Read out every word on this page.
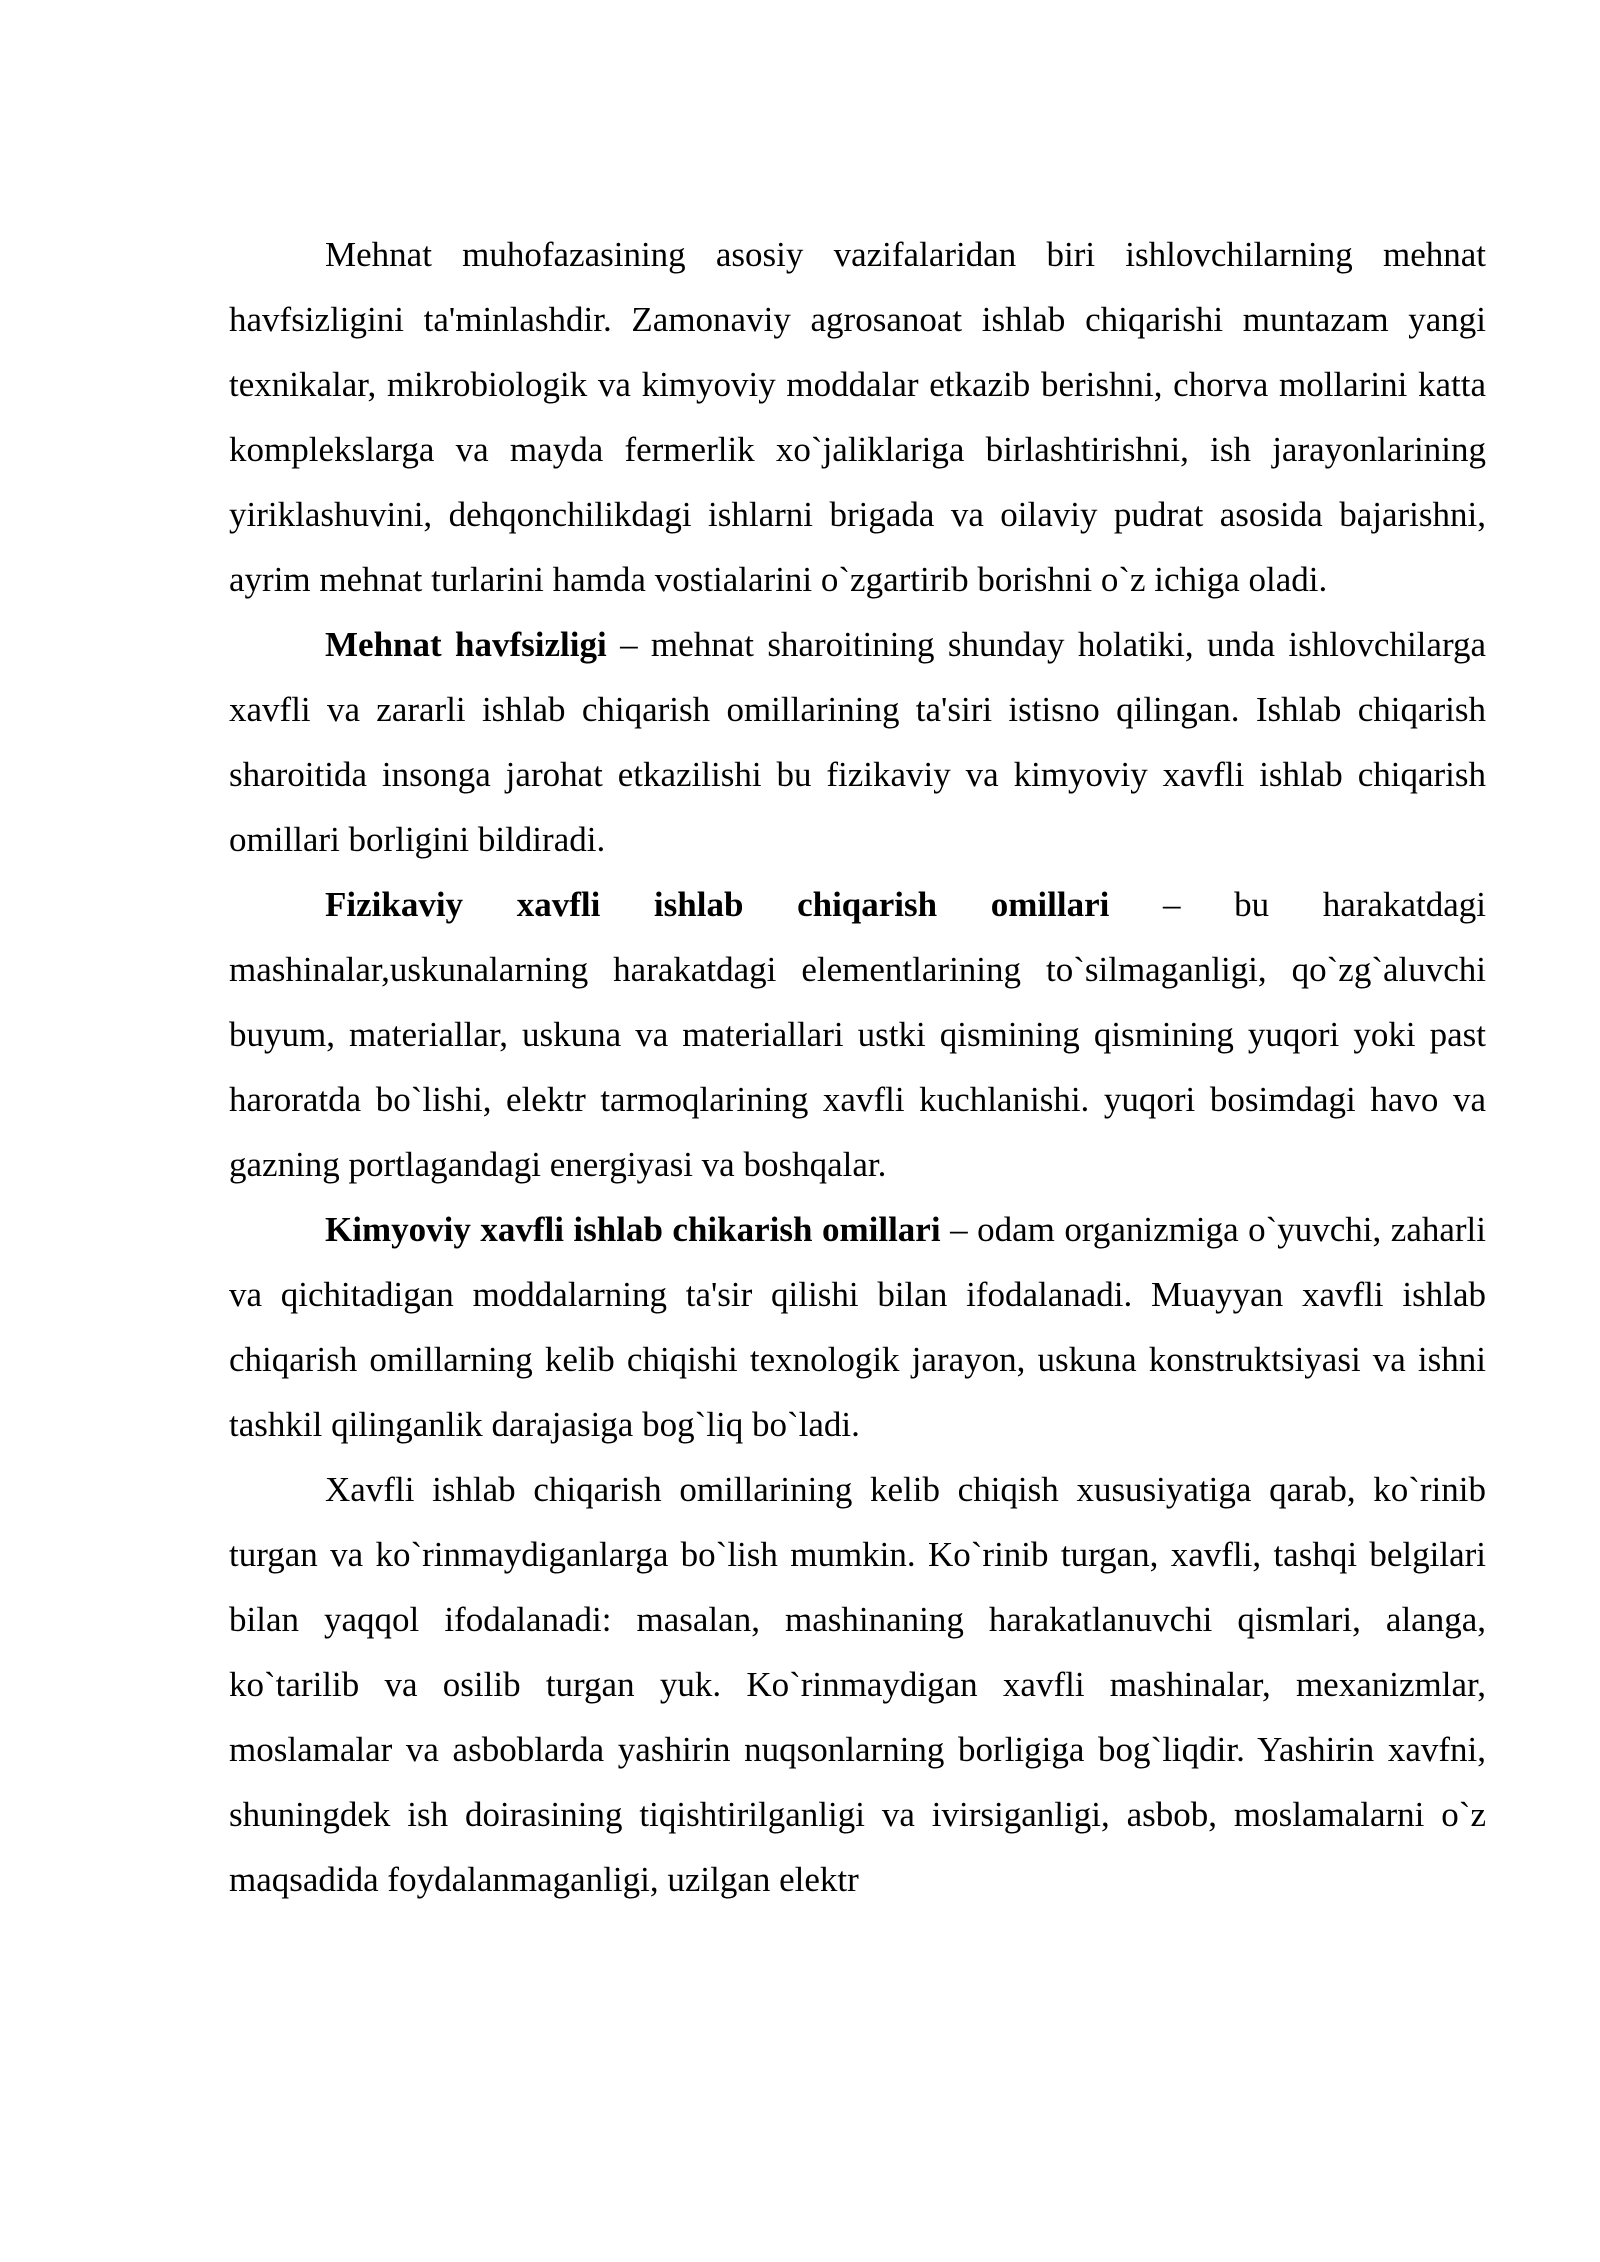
Mehnat muhofazasining asosiy vazifalaridan biri ishlovchilarning mehnat havfsizligini ta'minlashdir. Zamonaviy agrosanoat ishlab chiqarishi muntazam yangi texnikalar, mikrobiologik va kimyoviy moddalar etkazib berishni, chorva mollarini katta komplekslarga va mayda fermerlik xo`jaliklariga birlashtirishni, ish jarayonlarining yiriklashuvini, dehqonchilikdagi ishlarni brigada va oilaviy pudrat asosida bajarishni, ayrim mehnat turlarini hamda vostialarini o`zgartirib borishni o`z ichiga oladi.

Mehnat havfsizligi – mehnat sharoitining shunday holatiki, unda ishlovchilarga xavfli va zararli ishlab chiqarish omillarining ta'siri istisno qilingan. Ishlab chiqarish sharoitida insonga jarohat etkazilishi bu fizikaviy va kimyoviy xavfli ishlab chiqarish omillari borligini bildiradi.

Fizikaviy xavfli ishlab chiqarish omillari – bu harakatdagi mashinalar,uskunalarning harakatdagi elementlarining to`silmaganligi, qo`zg`aluvchi buyum, materiallar, uskuna va materiallari ustki qismining qismining yuqori yoki past haroratda bo`lishi, elektr tarmoqlarining xavfli kuchlanishi. yuqori bosimdagi havo va gazning portlagandagi energiyasi va boshqalar.

Kimyoviy xavfli ishlab chikarish omillari – odam organizmiga o`yuvchi, zaharli va qichitadigan moddalarning ta'sir qilishi bilan ifodalanadi. Muayyan xavfli ishlab chiqarish omillarning kelib chiqishi texnologik jarayon, uskuna konstruktsiyasi va ishni tashkil qilinganlik darajasiga bog`liq bo`ladi.

Xavfli ishlab chiqarish omillarining kelib chiqish xususiyatiga qarab, ko`rinib turgan va ko`rinmaydiganlarga bo`lish mumkin. Ko`rinib turgan, xavfli, tashqi belgilari bilan yaqqol ifodalanadi: masalan, mashinaning harakatlanuvchi qismlari, alanga, ko`tarilib va osilib turgan yuk. Ko`rinmaydigan xavfli mashinalar, mexanizmlar, moslamalar va asboblarda yashirin nuqsonlarning borligiga bog`liqdir. Yashirin xavfni, shuningdek ish doirasining tiqishtirilganligi va ivirsiganligi, asbob, moslamalarni o`z maqsadida foydalanmaganligi, uzilgan elektr
